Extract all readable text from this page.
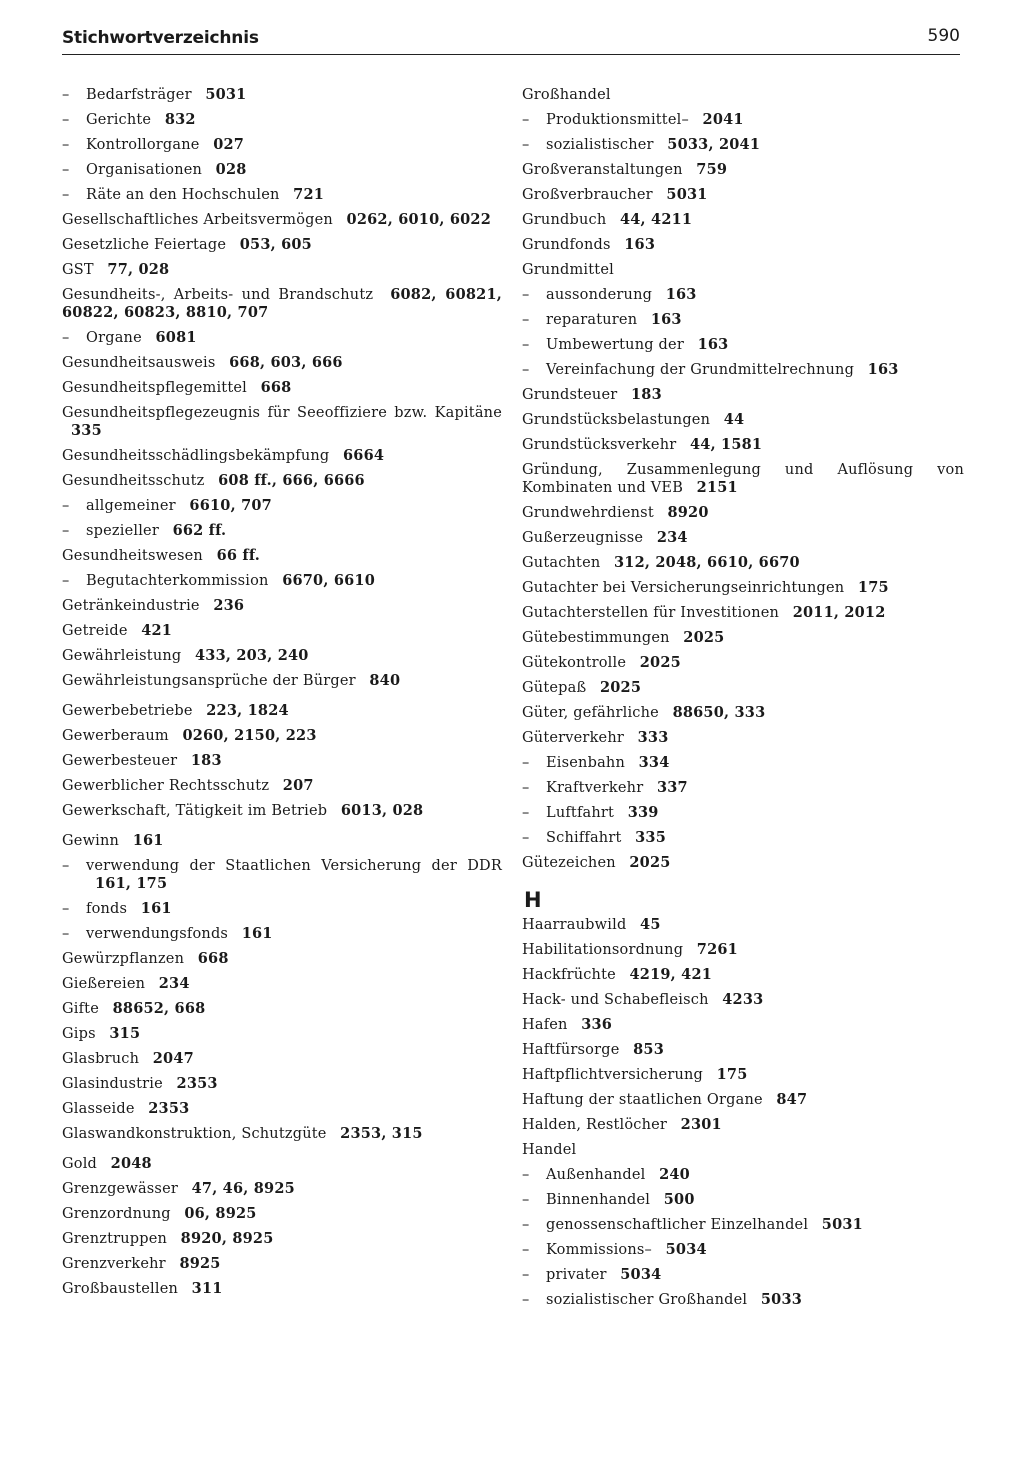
Stichwortverzeichnis	590
– Bedarfsträger 5031
– Gerichte 832
– Kontrollorgane 027
– Organisationen 028
– Räte an den Hochschulen 721
Gesellschaftliches Arbeitsvermögen 0262, 6010, 6022
Gesetzliche Feiertage 053, 605
GST 77, 028
Gesundheits-, Arbeits- und Brandschutz 6082, 60821, 60822, 60823, 8810, 707
– Organe 6081
Gesundheitsausweis 668, 603, 666
Gesundheitspflegemittel 668
Gesundheitspflegezeugnis für Seeoffiziere bzw. Kapitäne 335
Gesundheitsschädlingsbekämpfung 6664
Gesundheitsschutz 608 ff., 666, 6666
– allgemeiner 6610, 707
– spezieller 662 ff.
Gesundheitswesen 66 ff.
– Begutachterkommission 6670, 6610
Getränkeindustrie 236
Getreide 421
Gewährleistung 433, 203, 240
Gewährleistungsansprüche der Bürger 840
Gewerbebetriebe 223, 1824
Gewerberaum 0260, 2150, 223
Gewerbesteuer 183
Gewerblicher Rechtsschutz 207
Gewerkschaft, Tätigkeit im Betrieb 6013, 028
Gewinn 161
– verwendung der Staatlichen Versicherung der DDR 161, 175
– fonds 161
– verwendungsfonds 161
Gewürzpflanzen 668
Gießereien 234
Gifte 88652, 668
Gips 315
Glasbruch 2047
Glasindustrie 2353
Glasseide 2353
Glaswandkonstruktion, Schutzgüte 2353, 315
Gold 2048
Grenzgewässer 47, 46, 8925
Grenzordnung 06, 8925
Grenztruppen 8920, 8925
Grenzverkehr 8925
Großbaustellen 311
Großhandel
– Produktionsmittel– 2041
– sozialistischer 5033, 2041
Großveranstaltungen 759
Großverbraucher 5031
Grundbuch 44, 4211
Grundfonds 163
Grundmittel
– aussonderung 163
– reparaturen 163
– Umbewertung der 163
– Vereinfachung der Grundmittelrechnung 163
Grundsteuer 183
Grundstücksbelastungen 44
Grundstücksverkehr 44, 1581
Gründung, Zusammenlegung und Auflösung von Kombinaten und VEB 2151
Grundwehrdienst 8920
Gußerzeugnisse 234
Gutachten 312, 2048, 6610, 6670
Gutachter bei Versicherungseinrichtungen 175
Gutachterstellen für Investitionen 2011, 2012
Gütebestimmungen 2025
Gütekontrolle 2025
Gütepaß 2025
Güter, gefährliche 88650, 333
Güterverkehr 333
– Eisenbahn 334
– Kraftverkehr 337
– Luftfahrt 339
– Schiffahrt 335
Gütezeichen 2025
H
Haarraubwild 45
Habilitationsordnung 7261
Hackfrüchte 4219, 421
Hack- und Schabefleisch 4233
Hafen 336
Haftfürsorge 853
Haftpflichtversicherung 175
Haftung der staatlichen Organe 847
Halden, Restlöcher 2301
Handel
– Außenhandel 240
– Binnenhandel 500
– genossenschaftlicher Einzelhandel 5031
– Kommissions– 5034
– privater 5034
– sozialistischer Großhandel 5033
